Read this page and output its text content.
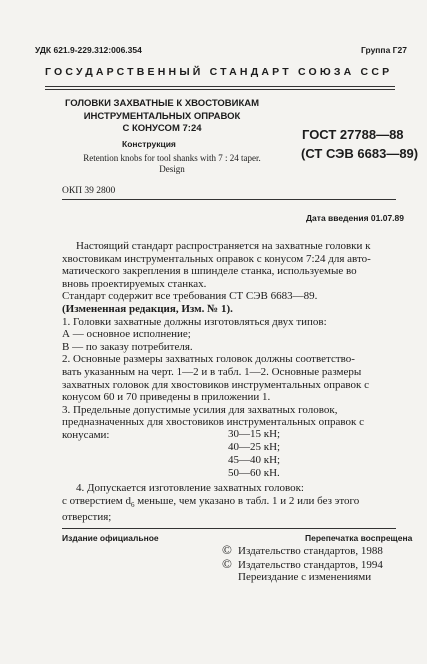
УДК 621.9-229.312:006.354	Группа Г27
ГОСУДАРСТВЕННЫЙ СТАНДАРТ СОЮЗА ССР
ГОЛОВКИ ЗАХВАТНЫЕ К ХВОСТОВИКАМ
ИНСТРУМЕНТАЛЬНЫХ ОПРАВОК
С КОНУСОМ 7:24
Конструкция
Retention knobs for tool shanks with 7 : 24 taper.
Design
ГОСТ 27788—88
(СТ СЭВ 6683—89)
ОКП 39 2800
Дата введения 01.07.89
Настоящий стандарт распространяется на захватные головки к
хвостовикам инструментальных оправок с конусом 7:24 для авто-
матического закрепления в шпинделе станка, используемые во
вновь проектируемых станках.
Стандарт содержит все требования СТ СЭВ 6683—89.
(Измененная редакция, Изм. № 1).
1. Головки захватные должны изготовляться двух типов:
А — основное исполнение;
В — по заказу потребителя.
2. Основные размеры захватных головок должны соответство-
вать указанным на черт. 1—2 и в табл. 1—2. Основные размеры
захватных головок для хвостовиков инструментальных оправок с
конусом 60 и 70 приведены в приложении 1.
3. Предельные допустимые усилия для захватных головок,
предназначенных для хвостовиков инструментальных оправок с
конусами:	30—15 кН;
40—25 кН;
45—40 кН;
50—60 кН.
4. Допускается изготовление захватных головок:
с отверстием $d_6$ меньше, чем указано в табл. 1 и 2 или без этого
отверстия;
Издание официальное	Перепечатка воспрещена
© Издательство стандартов, 1988
© Издательство стандартов, 1994
Переиздание с изменениями
